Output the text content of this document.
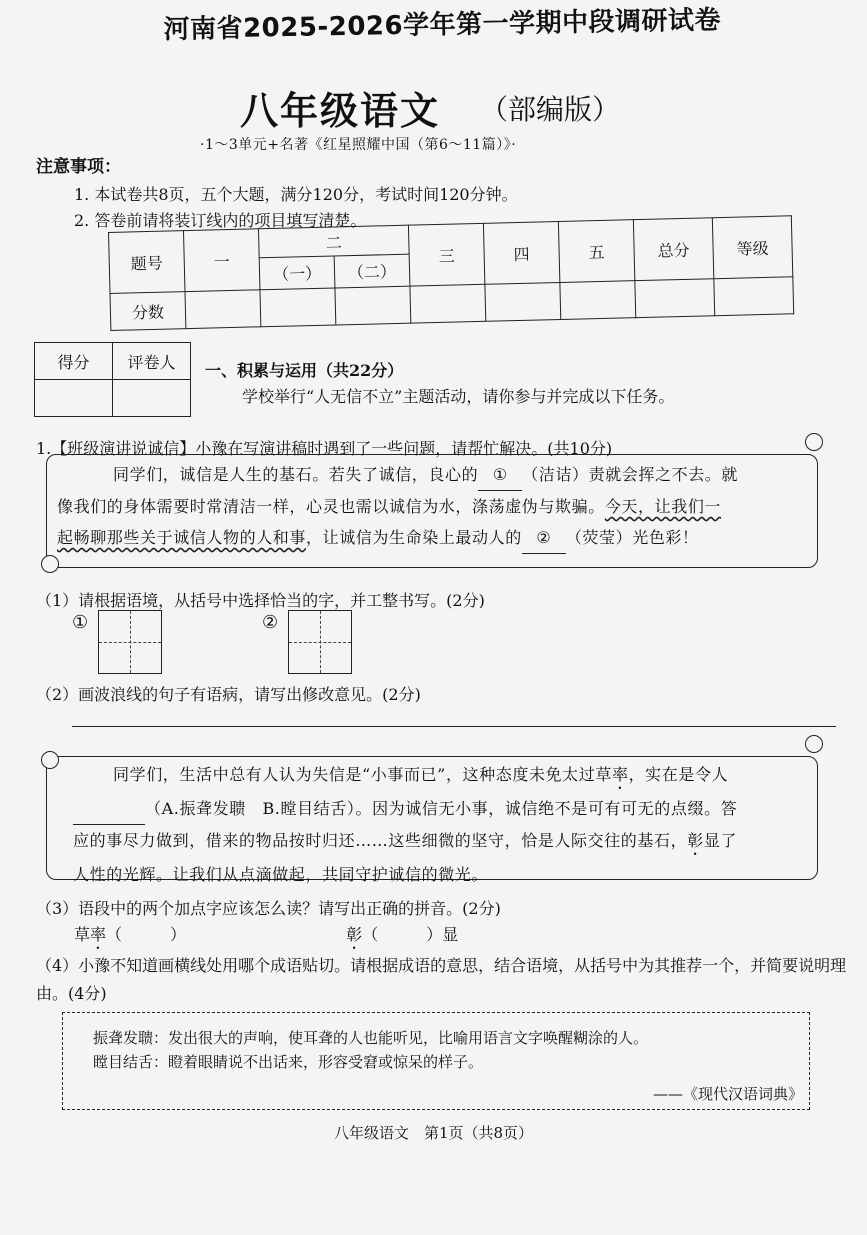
河南省2025-2026学年第一学期中段调研试卷
八年级语文 （部编版）
·1～3单元+名著《红星照耀中国（第6～11篇）》·
注意事项：
1. 本试卷共8页，五个大题，满分120分，考试时间120分钟。
2. 答卷前请将装订线内的项目填写清楚。
题号	一	二		三	四	五	总分	等级
		（一）	（二）					
分数								
得分	评卷人
	一、积累与运用（共22分）
学校举行“人无信不立”主题活动，请你参与并完成以下任务。
1.【班级演讲说诚信】小豫在写演讲稿时遇到了一些问题，请帮忙解决。(共10分)

同学们，诚信是人生的基石。若失了诚信，良心的 ① （洁诘）责就会挥之不去。就

像我们的身体需要时常清洁一样，心灵也需以诚信为水，涤荡虚伪与欺骗。今天，让我们一

起畅聊那些关于诚信人物的人和事，让诚信为生命染上最动人的 ② （荧莹）光色彩！

（1）请根据语境，从括号中选择恰当的字，并工整书写。(2分)
①	②
（2）画波浪线的句子有语病，请写出修改意见。(2分)

同学们，生活中总有人认为失信是“小事而已”，这种态度未免太过草率，实在是令人

（A.振聋发聩　B.瞠目结舌）。因为诚信无小事，诚信绝不是可有可无的点缀。答

应的事尽力做到，借来的物品按时归还……这些细微的坚守，恰是人际交往的基石，彰显了

人性的光辉。让我们从点滴做起，共同守护诚信的微光。

（3）语段中的两个加点字应该怎么读？请写出正确的拼音。(2分)
草率（　　　）	彰（　　　）显
（4）小豫不知道画横线处用哪个成语贴切。请根据成语的意思，结合语境，从括号中为其推荐一个，并简要说明理由。(4分)

振聋发聩：发出很大的声响，使耳聋的人也能听见，比喻用语言文字唤醒糊涂的人。

瞠目结舌：瞪着眼睛说不出话来，形容受窘或惊呆的样子。

——《现代汉语词典》

八年级语文　第1页（共8页）
